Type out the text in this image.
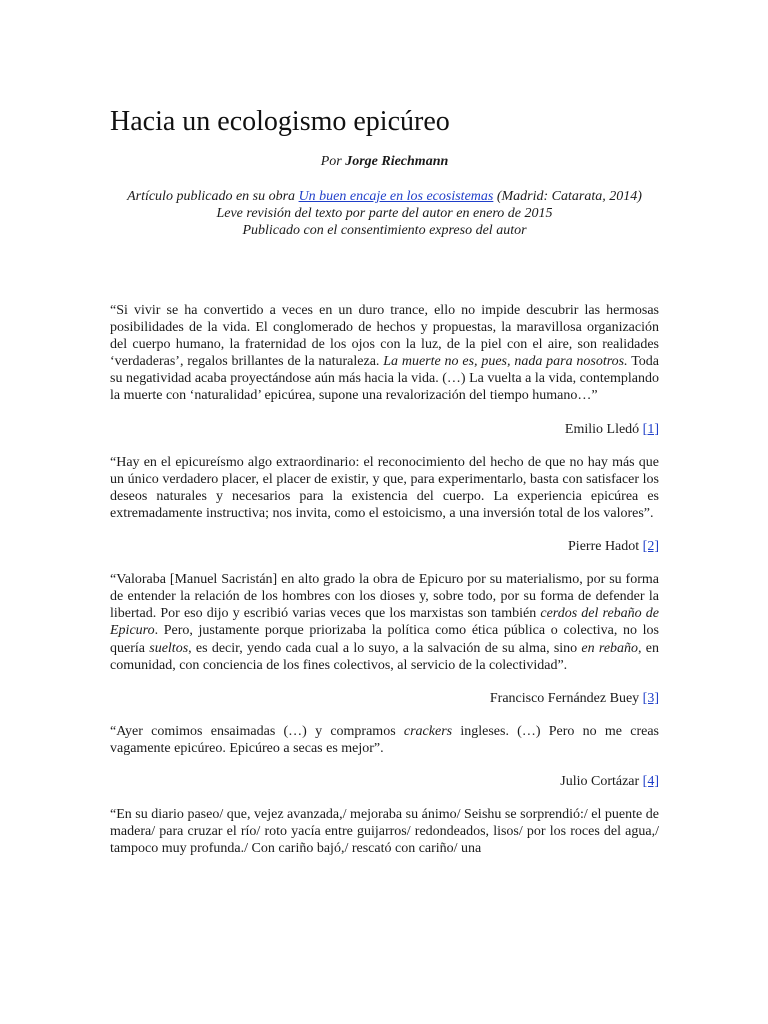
Hacia un ecologismo epicúreo
Por Jorge Riechmann
Artículo publicado en su obra Un buen encaje en los ecosistemas (Madrid: Catarata, 2014)
Leve revisión del texto por parte del autor en enero de 2015
Publicado con el consentimiento expreso del autor

“Si vivir se ha convertido a veces en un duro trance, ello no impide descubrir las hermosas posibilidades de la vida. El conglomerado de hechos y propuestas, la maravillosa organización del cuerpo humano, la fraternidad de los ojos con la luz, de la piel con el aire, son realidades ‘verdaderas’, regalos brillantes de la naturaleza. La muerte no es, pues, nada para nosotros. Toda su negatividad acaba proyectándose aún más hacia la vida. (…) La vuelta a la vida, contemplando la muerte con ‘naturalidad’ epicúrea, supone una revalorización del tiempo humano…”

Emilio Lledó [1]

“Hay en el epicureísmo algo extraordinario: el reconocimiento del hecho de que no hay más que un único verdadero placer, el placer de existir, y que, para experimentarlo, basta con satisfacer los deseos naturales y necesarios para la existencia del cuerpo. La experiencia epicúrea es extremadamente instructiva; nos invita, como el estoicismo, a una inversión total de los valores”.

Pierre Hadot [2]

“Valoraba [Manuel Sacristán] en alto grado la obra de Epicuro por su materialismo, por su forma de entender la relación de los hombres con los dioses y, sobre todo, por su forma de defender la libertad. Por eso dijo y escribió varias veces que los marxistas son también cerdos del rebaño de Epicuro. Pero, justamente porque priorizaba la política como ética pública o colectiva, no los quería sueltos, es decir, yendo cada cual a lo suyo, a la salvación de su alma, sino en rebaño, en comunidad, con conciencia de los fines colectivos, al servicio de la colectividad”.

Francisco Fernández Buey [3]

“Ayer comimos ensaimadas (…) y compramos crackers ingleses. (…) Pero no me creas vagamente epicúreo. Epicúreo a secas es mejor”.

Julio Cortázar [4]

“En su diario paseo/ que, vejez avanzada,/ mejoraba su ánimo/ Seishu se sorprendió:/ el puente de madera/ para cruzar el río/ roto yacía entre guijarros/ redondeados, lisos/ por los roces del agua,/ tampoco muy profunda./ Con cariño bajó,/ rescató con cariño/ una
